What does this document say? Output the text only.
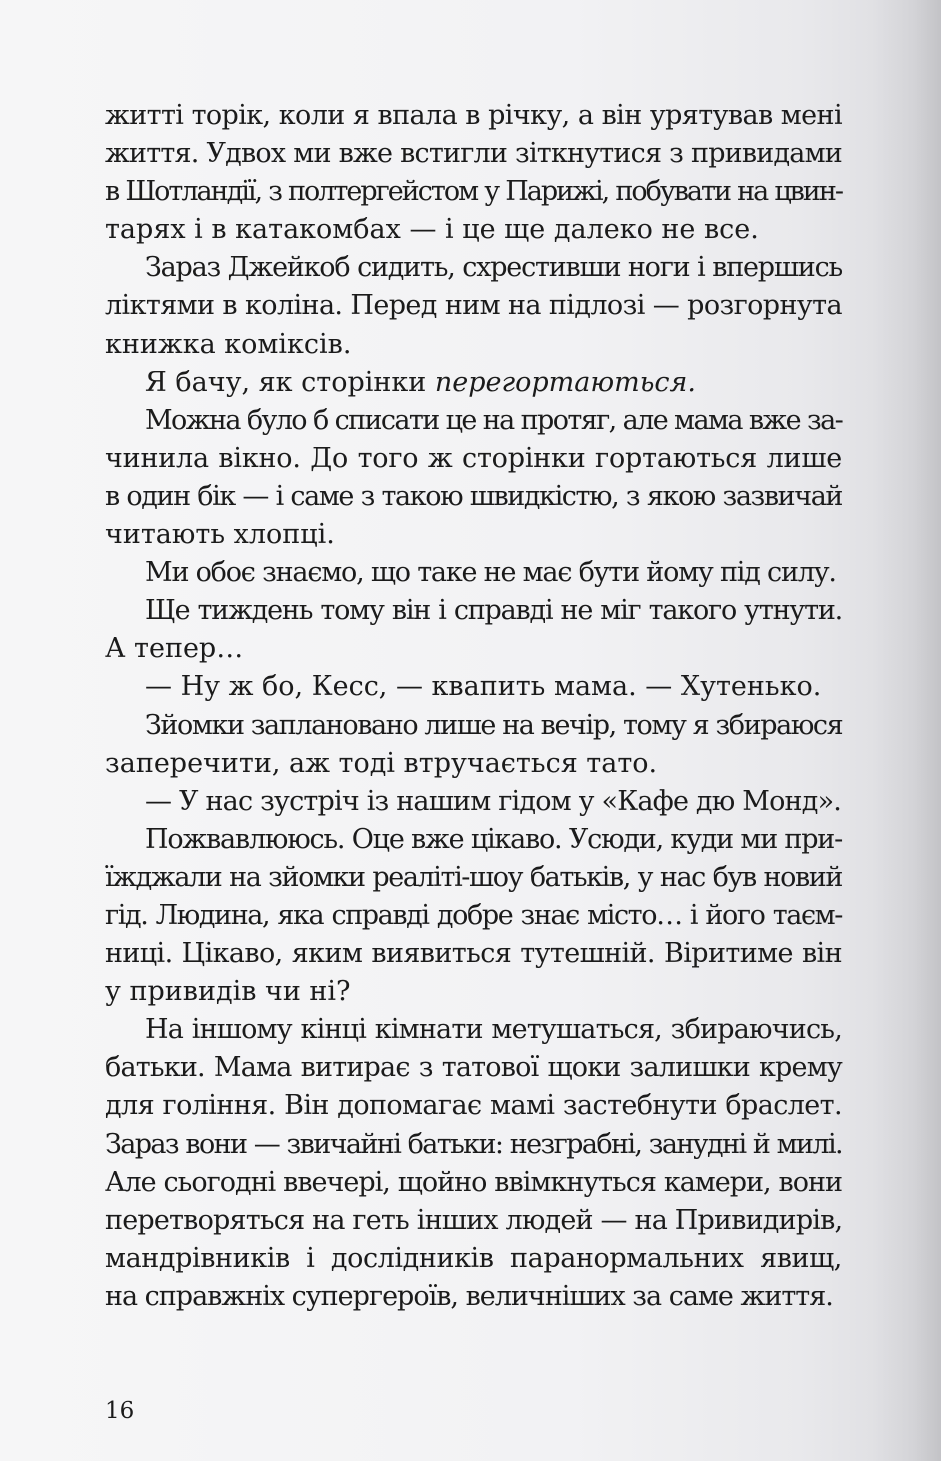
житті торік, коли я впала в річку, а він урятував мені
життя. Удвох ми вже встигли зіткнутися з привидами
в Шотландії, з полтергейстом у Парижі, побувати на цвин-
тарях і в катакомбах — і це ще далеко не все.
Зараз Джейкоб сидить, схрестивши ноги і впершись
ліктями в коліна. Перед ним на підлозі — розгорнута
книжка коміксів.
Я бачу, як сторінки перегортаються.
Можна було б списати це на протяг, але мама вже за-
чинила вікно. До того ж сторінки гортаються лише
в один бік — і саме з такою швидкістю, з якою зазвичай
читають хлопці.
Ми обоє знаємо, що таке не має бути йому під силу.
Ще тиждень тому він і справді не міг такого утнути.
А тепер…
— Ну ж бо, Кесс, — квапить мама. — Хутенько.
Зйомки заплановано лише на вечір, тому я збираюся
заперечити, аж тоді втручається тато.
— У нас зустріч із нашим гідом у «Кафе дю Монд».
Пожвавлююсь. Оце вже цікаво. Усюди, куди ми при-
їжджали на зйомки реаліті-шоу батьків, у нас був новий
гід. Людина, яка справді добре знає місто… і його таєм-
ниці. Цікаво, яким виявиться тутешній. Віритиме він
у привидів чи ні?
На іншому кінці кімнати метушаться, збираючись,
батьки. Мама витирає з татової щоки залишки крему
для гоління. Він допомагає мамі застебнути браслет.
Зараз вони — звичайні батьки: незграбні, занудні й милі.
Але сьогодні ввечері, щойно ввімкнуться камери, вони
перетворяться на геть інших людей — на Привидирів,
мандрівників і дослідників паранормальних явищ,
на справжніх супергероїв, величніших за саме життя.
16
